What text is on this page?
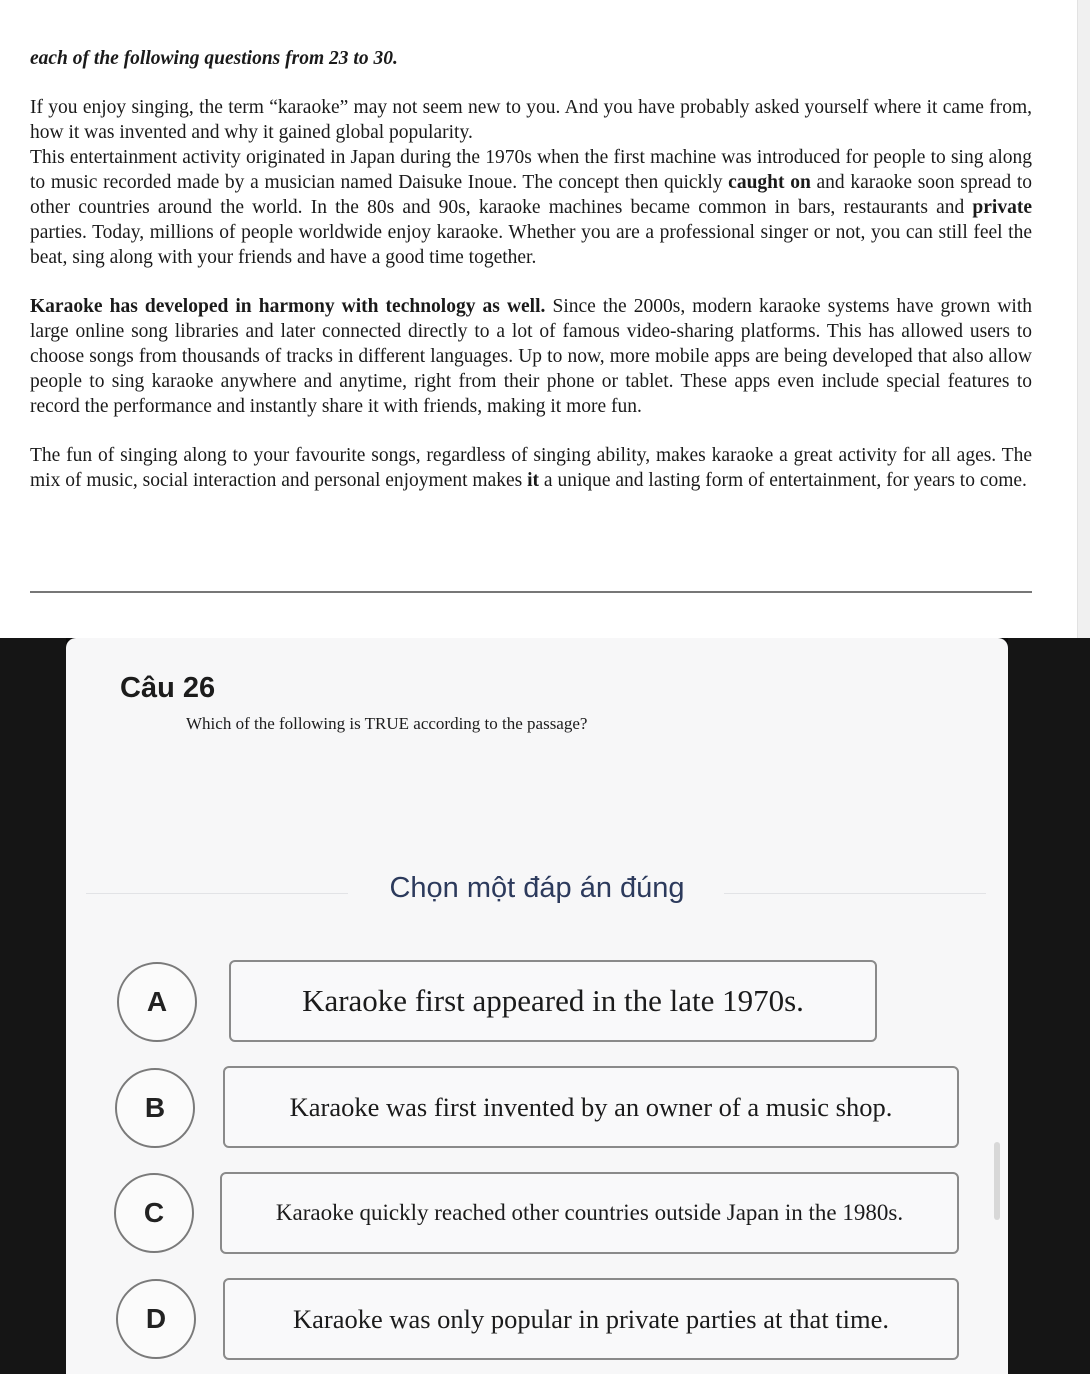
each of the following questions from 23 to 30.

If you enjoy singing, the term “karaoke” may not seem new to you. And you have probably asked yourself where it came from, how it was invented and why it gained global popularity.

This entertainment activity originated in Japan during the 1970s when the first machine was introduced for people to sing along to music recorded made by a musician named Daisuke Inoue. The concept then quickly caught on and karaoke soon spread to other countries around the world. In the 80s and 90s, karaoke machines became common in bars, restaurants and private parties. Today, millions of people worldwide enjoy karaoke. Whether you are a professional singer or not, you can still feel the beat, sing along with your friends and have a good time together.

Karaoke has developed in harmony with technology as well. Since the 2000s, modern karaoke systems have grown with large online song libraries and later connected directly to a lot of famous video-sharing platforms. This has allowed users to choose songs from thousands of tracks in different languages. Up to now, more mobile apps are being developed that also allow people to sing karaoke anywhere and anytime, right from their phone or tablet. These apps even include special features to record the performance and instantly share it with friends, making it more fun.

The fun of singing along to your favourite songs, regardless of singing ability, makes karaoke a great activity for all ages. The mix of music, social interaction and personal enjoyment makes it a unique and lasting form of entertainment, for years to come.

Câu 26
Which of the following is TRUE according to the passage?
Chọn một đáp án đúng
A	Karaoke first appeared in the late 1970s.
B	Karaoke was first invented by an owner of a music shop.
C	Karaoke quickly reached other countries outside Japan in the 1980s.
D	Karaoke was only popular in private parties at that time.
